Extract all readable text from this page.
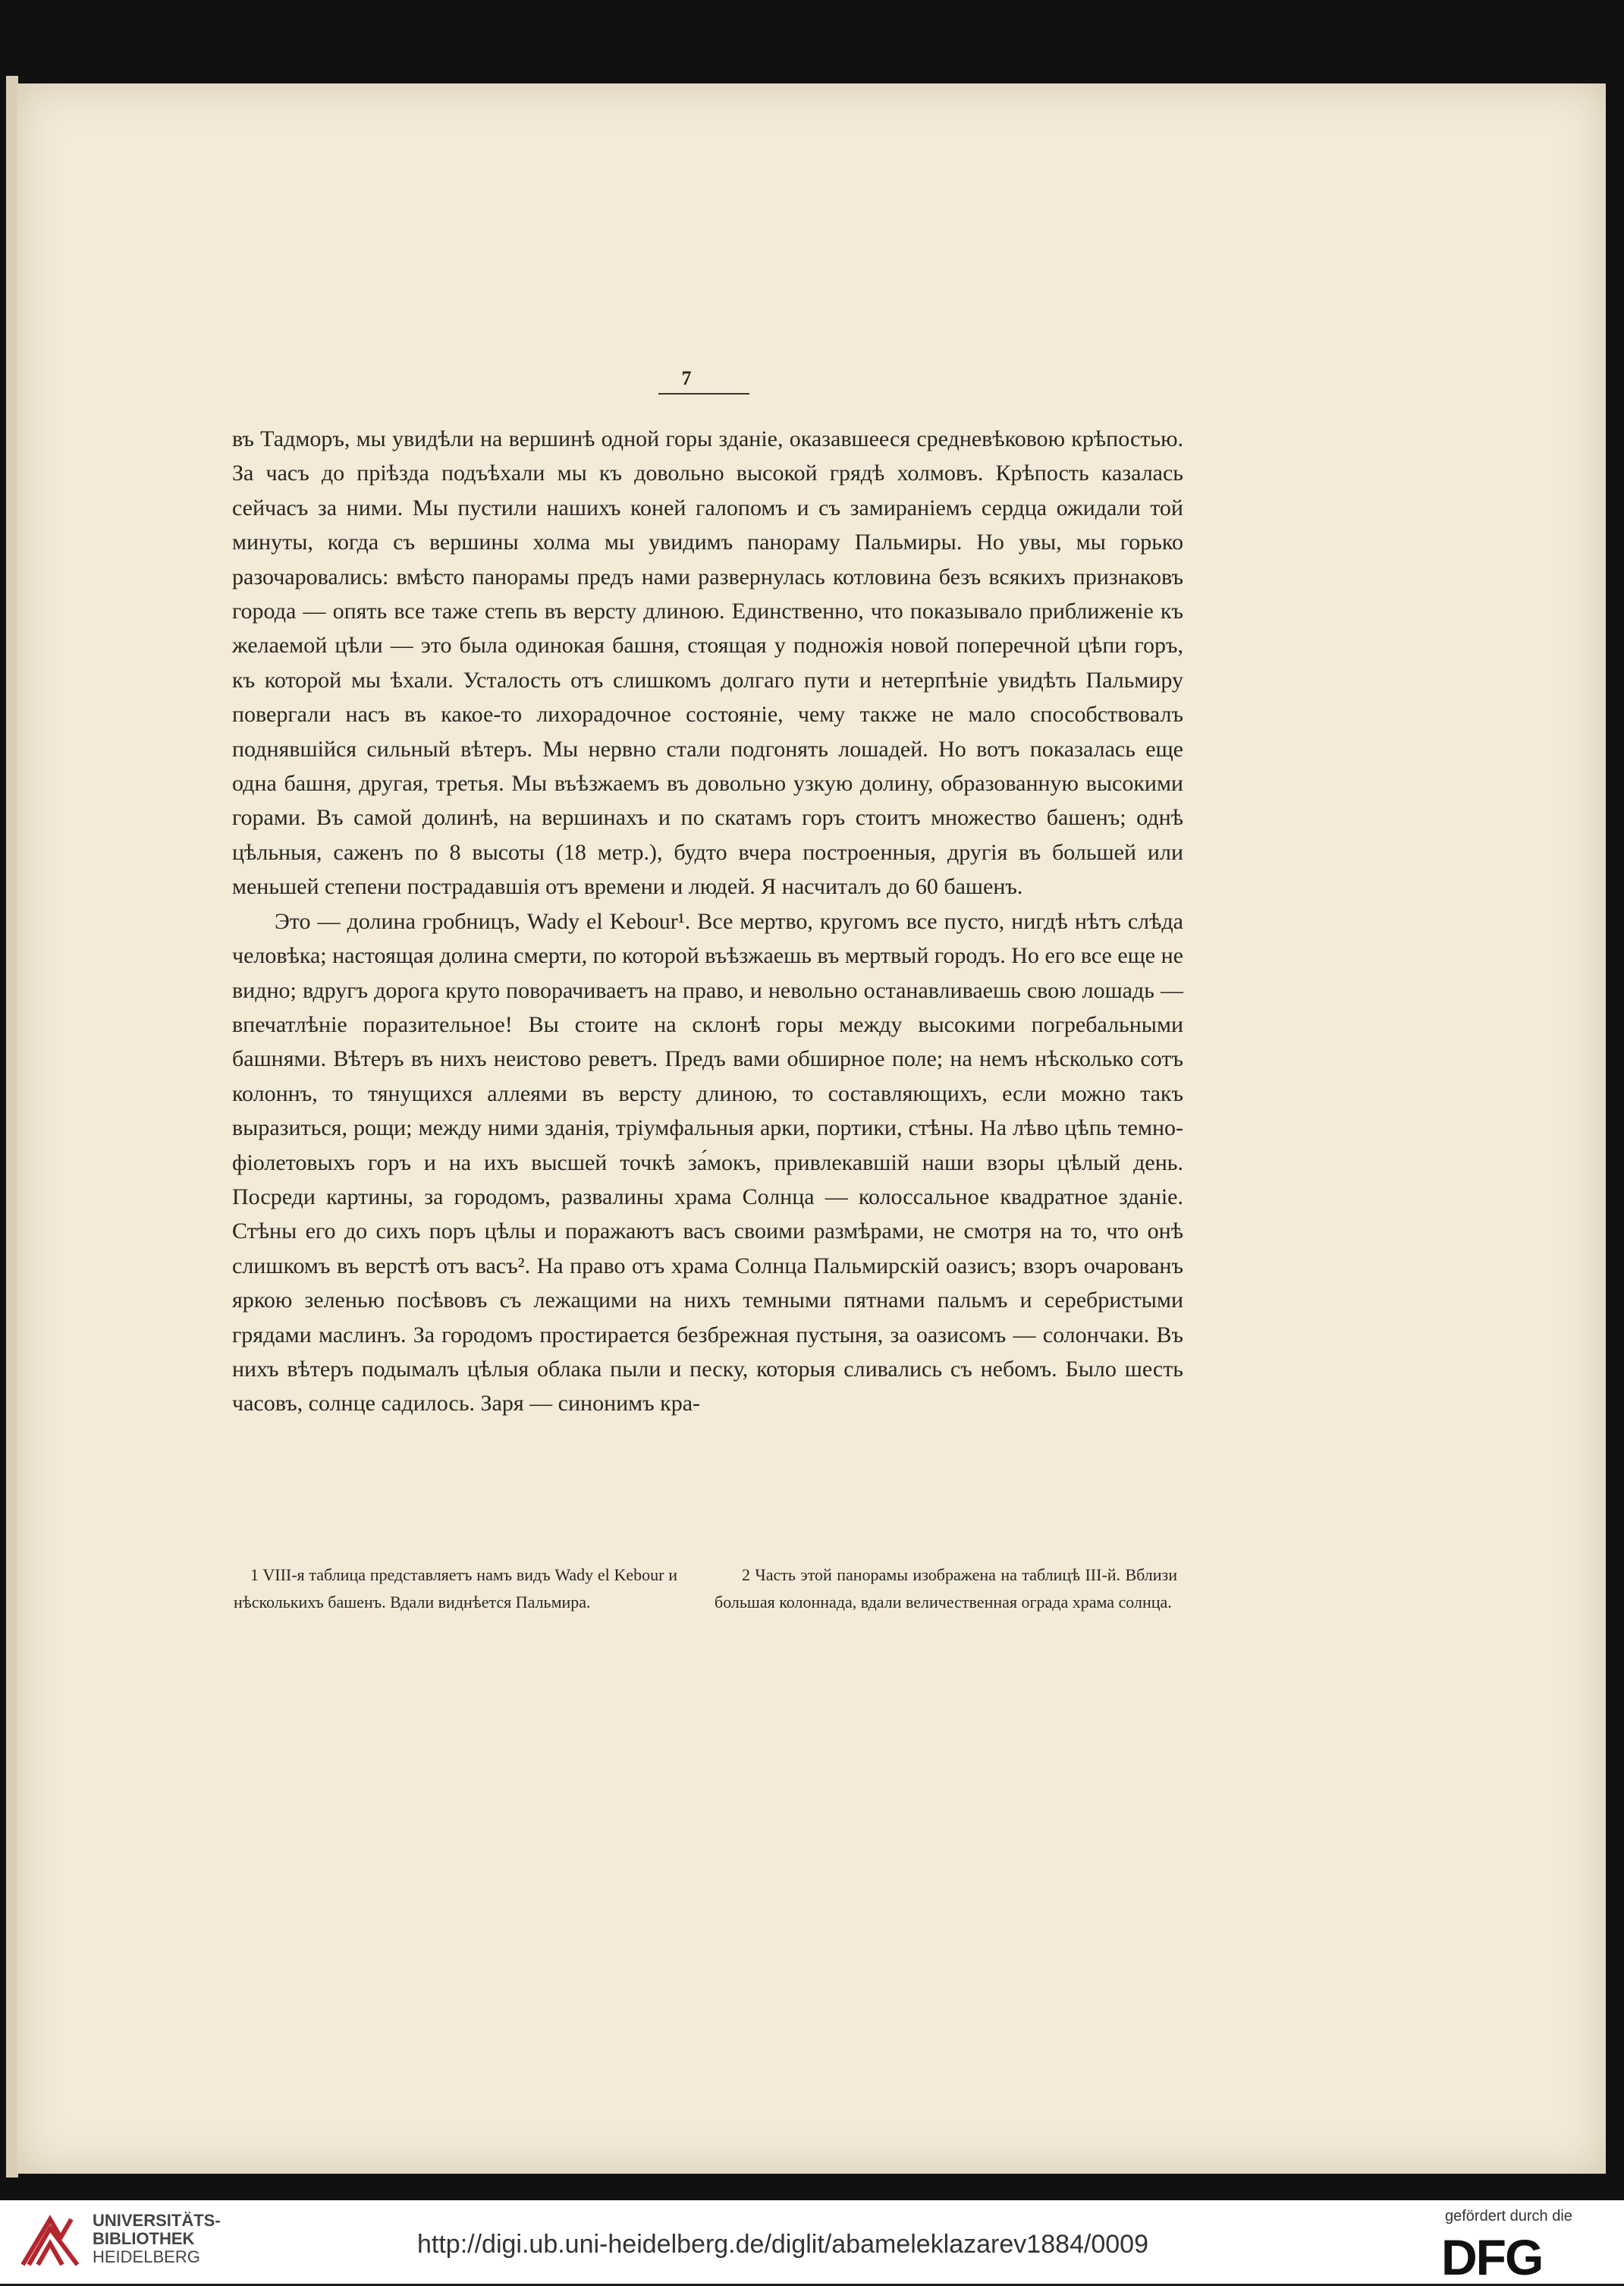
7

въ Тадморъ, мы увидѣли на вершинѣ одной горы зданіе, оказавшееся средневѣковою крѣпостью. За часъ до пріѣзда подъѣхали мы къ довольно высокой грядѣ холмовъ. Крѣпость казалась сейчасъ за ними. Мы пустили нашихъ коней галопомъ и съ замираніемъ сердца ожидали той минуты, когда съ вершины холма мы увидимъ панораму Пальмиры. Но увы, мы горько разочаровались: вмѣсто панорамы предъ нами развернулась котловина безъ всякихъ признаковъ города — опять все таже степь въ версту длиною. Единственно, что показывало приближеніе къ желаемой цѣли — это была одинокая башня, стоящая у подножія новой поперечной цѣпи горъ, къ которой мы ѣхали. Усталость отъ слишкомъ долгаго пути и нетерпѣніе увидѣть Пальмиру повергали насъ въ какое-то лихорадочное состояніе, чему также не мало способствовалъ поднявшійся сильный вѣтеръ. Мы нервно стали подгонять лошадей. Но вотъ показалась еще одна башня, другая, третья. Мы въѣзжаемъ въ довольно узкую долину, образованную высокими горами. Въ самой долинѣ, на вершинахъ и по скатамъ горъ стоитъ множество башенъ; однѣ цѣльныя, саженъ по 8 высоты (18 метр.), будто вчера построенныя, другія въ большей или меньшей степени пострадавшія отъ времени и людей. Я насчиталъ до 60 башенъ.

Это — долина гробницъ, Wady el Kebour¹. Все мертво, кругомъ все пусто, нигдѣ нѣтъ слѣда человѣка; настоящая долина смерти, по которой въѣзжаешь въ мертвый городъ. Но его все еще не видно; вдругъ дорога круто поворачиваетъ на право, и невольно останавливаешь свою лошадь — впечатлѣніе поразительное! Вы стоите на склонѣ горы между высокими погребальными башнями. Вѣтеръ въ нихъ неистово реветъ. Предъ вами обширное поле; на немъ нѣсколько сотъ колоннъ, то тянущихся аллеями въ версту длиною, то составляющихъ, если можно такъ выразиться, рощи; между ними зданія, тріумфальныя арки, портики, стѣны. На лѣво цѣпь темно-фіолетовыхъ горъ и на ихъ высшей точкѣ за́мокъ, привлекавшій наши взоры цѣлый день. Посреди картины, за городомъ, развалины храма Солнца — колоссальное квадратное зданіе. Стѣны его до сихъ поръ цѣлы и поражаютъ васъ своими размѣрами, не смотря на то, что онѣ слишкомъ въ верстѣ отъ васъ². На право отъ храма Солнца Пальмирскій оазисъ; взоръ очарованъ яркою зеленью посѣвовъ съ лежащими на нихъ темными пятнами пальмъ и серебристыми грядами маслинъ. За городомъ простирается безбрежная пустыня, за оазисомъ — солончаки. Въ нихъ вѣтеръ подымалъ цѣлыя облака пыли и песку, которыя сливались съ небомъ. Было шесть часовъ, солнце садилось. Заря — синонимъ кра-

1 VIII-я таблица представляетъ намъ видъ Wady el Kebour и нѣсколькихъ башенъ. Вдали виднѣется Пальмира.

2 Часть этой панорамы изображена на таблицѣ III-й. Вблизи большая колоннада, вдали величественная ограда храма солнца.

UNIVERSITÄTS-
BIBLIOTHEK
HEIDELBERG	http://digi.ub.uni-heidelberg.de/diglit/abameleklazarev1884/0009
gefördert durch die
DFG
